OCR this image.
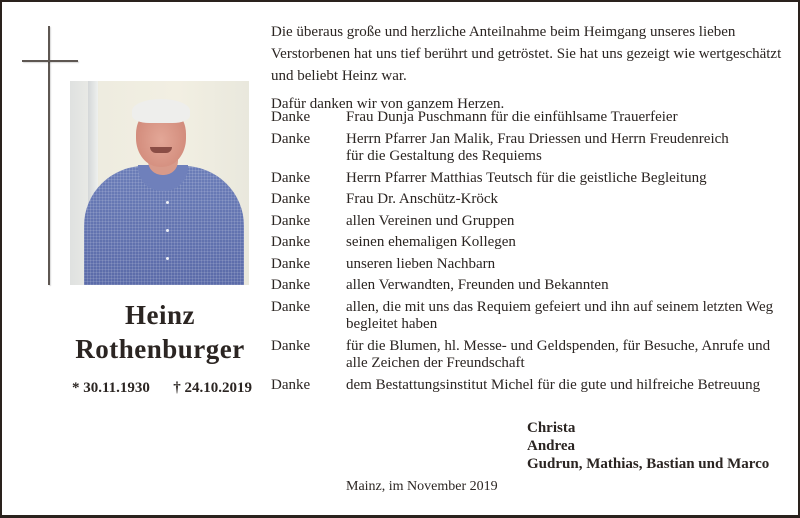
Heinz
Rothenburger
* 30.11.1930 † 24.10.2019

Die überaus große und herzliche Anteilnahme beim Heimgang unseres lieben
Verstorbenen hat uns tief berührt und getröstet. Sie hat uns gezeigt wie wertgeschätzt
und beliebt Heinz war.

Dafür danken wir von ganzem Herzen.

Danke	Frau Dunja Puschmann für die einfühlsame Trauerfeier
Danke	Herrn Pfarrer Jan Malik, Frau Driessen und Herrn Freudenreich
für die Gestaltung des Requiems
Danke	Herrn Pfarrer Matthias Teutsch für die geistliche Begleitung
Danke	Frau Dr. Anschütz-Kröck
Danke	allen Vereinen und Gruppen
Danke	seinen ehemaligen Kollegen
Danke	unseren lieben Nachbarn
Danke	allen Verwandten, Freunden und Bekannten
Danke	allen, die mit uns das Requiem gefeiert und ihn auf seinem letzten Weg
begleitet haben
Danke	für die Blumen, hl. Messe- und Geldspenden, für Besuche, Anrufe und
alle Zeichen der Freundschaft
Danke	dem Bestattungsinstitut Michel für die gute und hilfreiche Betreuung
Christa
Andrea
Gudrun, Mathias, Bastian und Marco
Mainz, im November 2019
